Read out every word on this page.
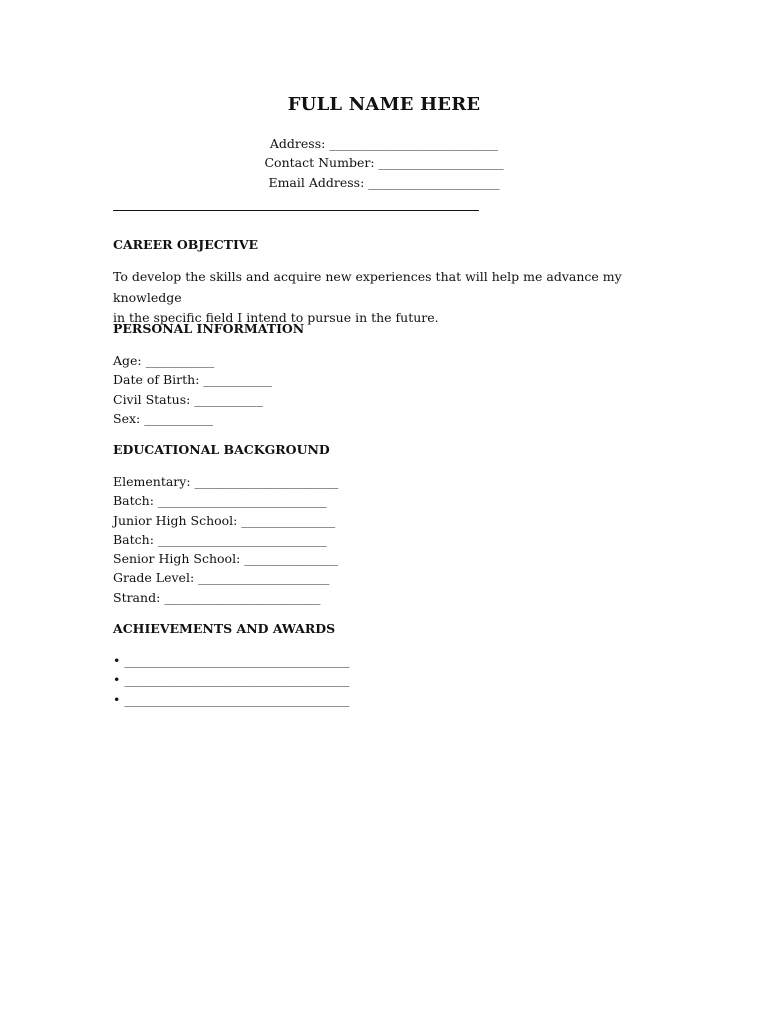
FULL NAME HERE
Address: ___________________________
Contact Number: ____________________
Email Address: _____________________
CAREER OBJECTIVE
To develop the skills and acquire new experiences that will help me advance my knowledge
in the specific field I intend to pursue in the future.
PERSONAL INFORMATION
Age: ___________
Date of Birth: ___________
Civil Status: ___________
Sex: ___________
EDUCATIONAL BACKGROUND
Elementary: _______________________
Batch: ___________________________
Junior High School: _______________
Batch: ___________________________
Senior High School: _______________
Grade Level: _____________________
Strand: _________________________
ACHIEVEMENTS AND AWARDS
• ____________________________________
• ____________________________________
• ____________________________________
